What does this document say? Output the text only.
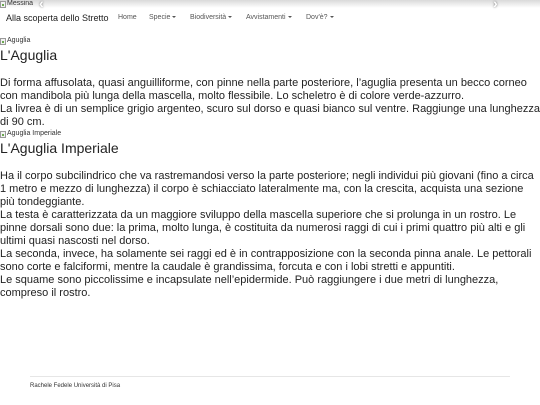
Messina ‹	›
Alla scoperta dello Stretto Home Specie	Biodiversità	Avvistamenti	Dov'è?
Aguglia
L'Aguglia

Di forma affusolata, quasi anguilliforme, con pinne nella parte posteriore, l’aguglia presenta un becco corneo con mandibola più lunga della mascella, molto flessibile. Lo scheletro è di colore verde-azzurro.

La livrea è di un semplice grigio argenteo, scuro sul dorso e quasi bianco sul ventre. Raggiunge una lunghezza di 90 cm.

Aguglia Imperiale
L'Aguglia Imperiale

Ha il corpo subcilindrico che va rastremandosi verso la parte posteriore; negli individui più giovani (fino a circa 1 metro e mezzo di lunghezza) il corpo è schiacciato lateralmente ma, con la crescita, acquista una sezione più tondeggiante.

La testa è caratterizzata da un maggiore sviluppo della mascella superiore che si prolunga in un rostro. Le pinne dorsali sono due: la prima, molto lunga, è costituita da numerosi raggi di cui i primi quattro più alti e gli ultimi quasi nascosti nel dorso.

La seconda, invece, ha solamente sei raggi ed è in contrapposizione con la seconda pinna anale. Le pettorali sono corte e falciformi, mentre la caudale è grandissima, forcuta e con i lobi stretti e appuntiti.

Le squame sono piccolissime e incapsulate nell’epidermide. Può raggiungere i due metri di lunghezza, compreso il rostro.

Rachele Fedele Università di Pisa
